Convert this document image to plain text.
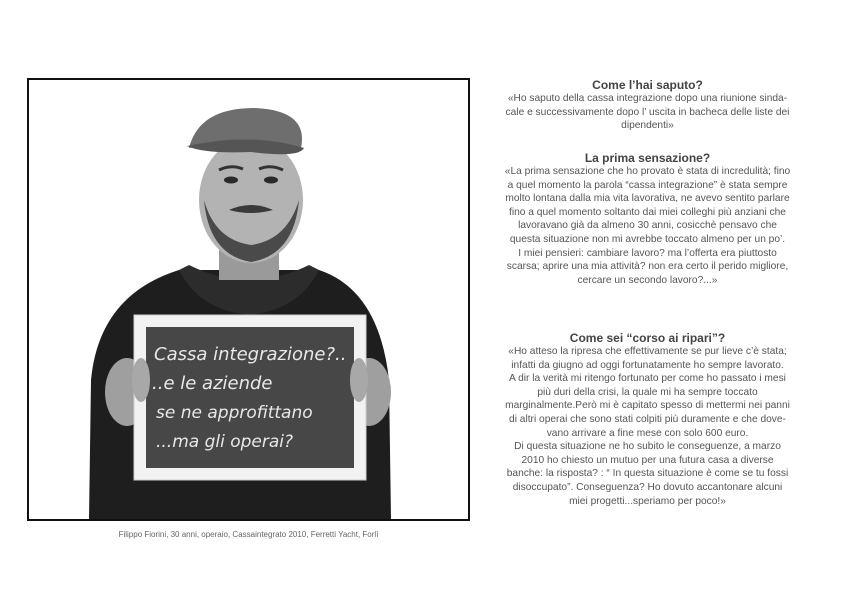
Cassa integrazione?..
..e le aziende
se ne approfittano
...ma gli operai?
Filippo Fiorini, 30 anni, operaio, Cassaintegrato 2010, Ferretti Yacht, Forlì

Come l’hai saputo?

«Ho saputo della cassa integrazione dopo una riunione sinda-
cale e successivamente dopo l’ uscita in bacheca delle liste dei
dipendenti»

La prima sensazione?

«La prima sensazione che ho provato è stata di incredulità; fino
a quel momento la parola “cassa integrazione” è stata sempre
molto lontana dalla mia vita lavorativa, ne avevo sentito parlare
fino a quel momento soltanto dai miei colleghi più anziani che
lavoravano già da almeno 30 anni, cosicchè pensavo che
questa situazione non mi avrebbe toccato almeno per un po’.
I miei pensieri: cambiare lavoro? ma l’offerta era piuttosto
scarsa; aprire una mia attività? non era certo il perido migliore,
cercare un secondo lavoro?...»

Come sei “corso ai ripari”?

«Ho atteso la ripresa che effettivamente se pur lieve c’è stata;
infatti da giugno ad oggi fortunatamente ho sempre lavorato.
A dir la verità mi ritengo fortunato per come ho passato i mesi
più duri della crisi, la quale mi ha sempre toccato
marginalmente.Però mi è capitato spesso di mettermi nei panni
di altri operai che sono stati colpiti più duramente e che dove-
vano arrivare a fine mese con solo 600 euro.
Di questa situazione ne ho subito le conseguenze, a marzo
2010 ho chiesto un mutuo per una futura casa a diverse
banche: la risposta? : “ In questa situazione è come se tu fossi
disoccupato”. Conseguenza? Ho dovuto accantonare alcuni
miei progetti...speriamo per poco!»
